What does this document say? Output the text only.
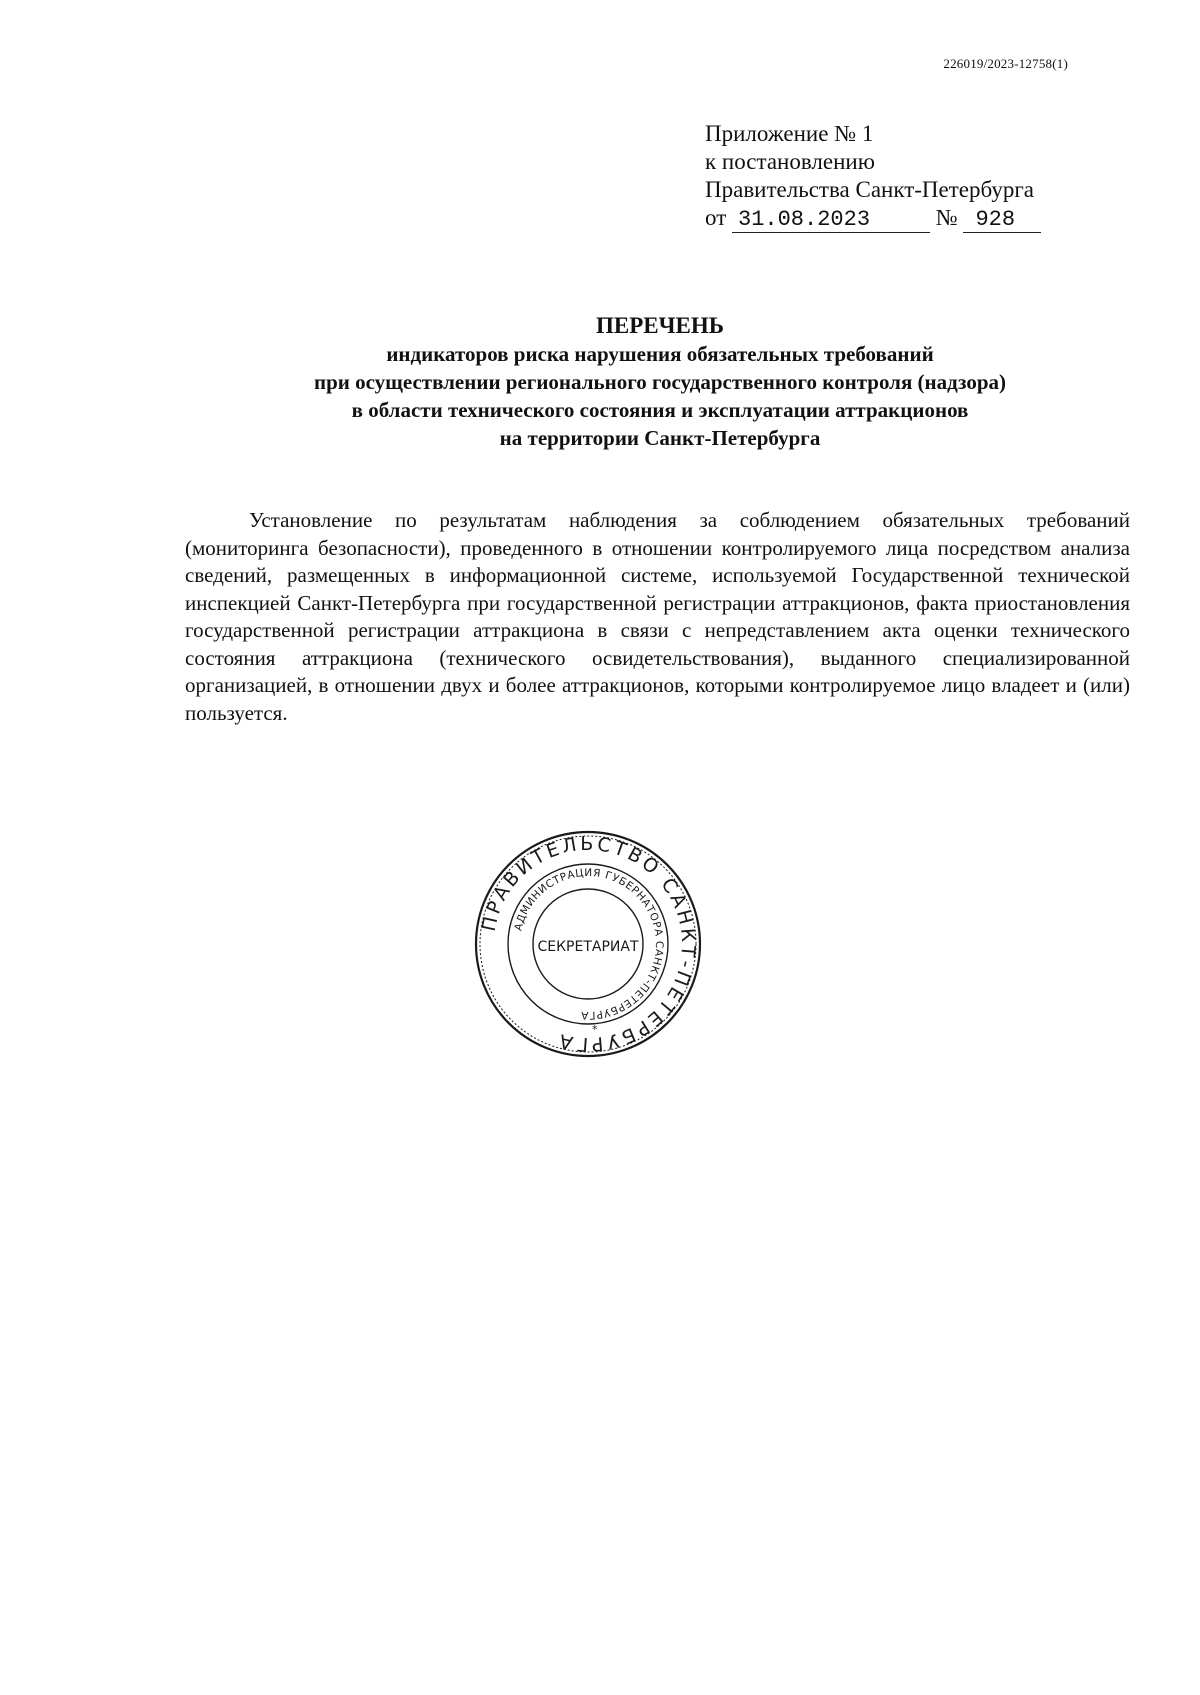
226019/2023-12758(1)
Приложение № 1
к постановлению
Правительства Санкт-Петербурга
от 31.08.2023	№ 928
ПЕРЕЧЕНЬ
индикаторов риска нарушения обязательных требований
при осуществлении регионального государственного контроля (надзора)
в области технического состояния и эксплуатации аттракционов
на территории Санкт-Петербурга
Установление по результатам наблюдения за соблюдением обязательных требований (мониторинга безопасности), проведенного в отношении контролируемого лица посредством анализа сведений, размещенных в информационной системе, используемой Государственной технической инспекцией Санкт-Петербурга при государственной регистрации аттракционов, факта приостановления государственной регистрации аттракциона в связи с непредставлением акта оценки технического состояния аттракциона (технического освидетельствования), выданного специализированной организацией, в отношении двух и более аттракционов, которыми контролируемое лицо владеет и (или) пользуется.
ПРАВИТЕЛЬСТВО САНКТ-ПЕТЕРБУРГА
АДМИНИСТРАЦИЯ ГУБЕРНАТОРА САНКТ-ПЕТЕРБУРГА
СЕКРЕТАРИАТ
*
